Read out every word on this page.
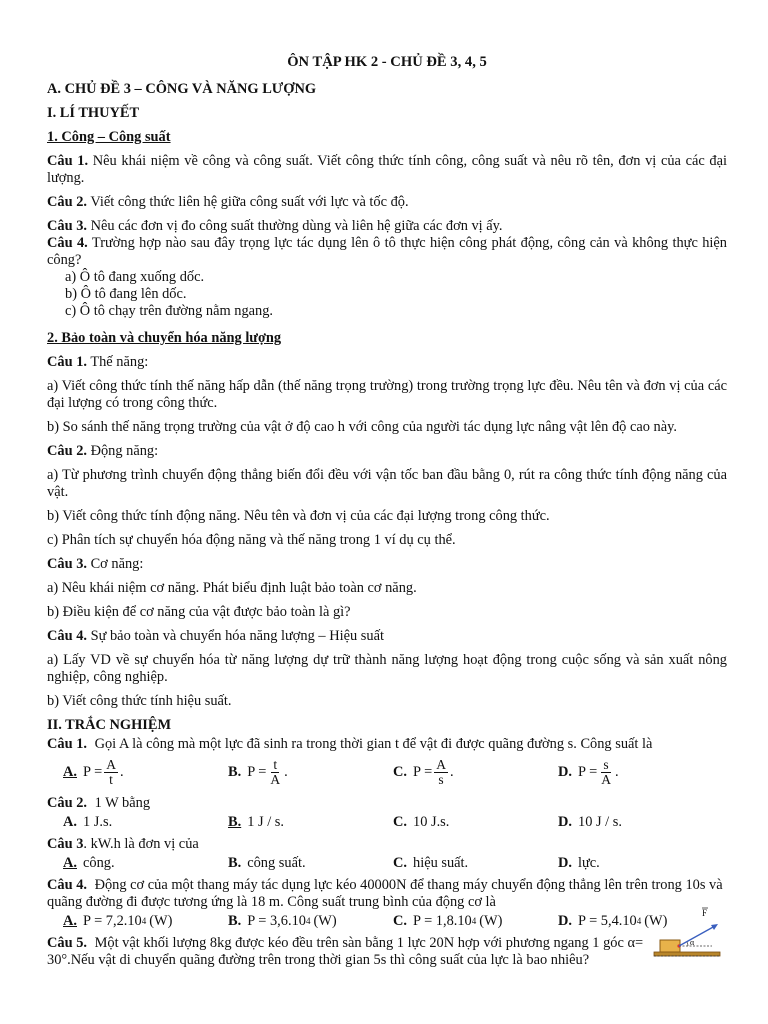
ÔN TẬP HK 2 - CHỦ ĐỀ 3, 4, 5
A. CHỦ ĐỀ 3 – CÔNG VÀ NĂNG LƯỢNG
I. LÍ THUYẾT
1. Công – Công suất
Câu 1. Nêu khái niệm về công và công suất. Viết công thức tính công, công suất và nêu rõ tên, đơn vị của các đại lượng.
Câu 2. Viết công thức liên hệ giữa công suất với lực và tốc độ.
Câu 3. Nêu các đơn vị đo công suất thường dùng và liên hệ giữa các đơn vị ấy.
Câu 4. Trường hợp nào sau đây trọng lực tác dụng lên ô tô thực hiện công phát động, công cản và không thực hiện công?
a) Ô tô đang xuống dốc.
b) Ô tô đang lên dốc.
c) Ô tô chạy trên đường nằm ngang.
2. Bảo toàn và chuyển hóa năng lượng
Câu 1. Thế năng:
a) Viết công thức tính thế năng hấp dẫn (thế năng trọng trường) trong trường trọng lực đều. Nêu tên và đơn vị của các đại lượng có trong công thức.
b) So sánh thế năng trọng trường của vật ở độ cao h với công của người tác dụng lực nâng vật lên độ cao này.
Câu 2. Động năng:
a) Từ phương trình chuyển động thẳng biến đổi đều với vận tốc ban đầu bằng 0, rút ra công thức tính động năng của vật.
b) Viết công thức tính động năng. Nêu tên và đơn vị của các đại lượng trong công thức.
c) Phân tích sự chuyển hóa động năng và thế năng trong 1 ví dụ cụ thể.
Câu 3. Cơ năng:
a) Nêu khái niệm cơ năng. Phát biểu định luật bảo toàn cơ năng.
b) Điều kiện để cơ năng của vật được bảo toàn là gì?
Câu 4. Sự bảo toàn và chuyển hóa năng lượng – Hiệu suất
a) Lấy VD về sự chuyển hóa từ năng lượng dự trữ thành năng lượng hoạt động trong cuộc sống và sản xuất nông nghiệp, công nghiệp.
b) Viết công thức tính hiệu suất.
II. TRẮC NGHIỆM
Câu 1. Gọi A là công mà một lực đã sinh ra trong thời gian t để vật đi được quãng đường s. Công suất là
A. $P = \frac{A}{t}$ .	B. $P = \frac{t}{A}$ .	C. $P = \frac{A}{s}$ .	D. $P = \frac{s}{A}$ .
Câu 2. 1 W bằng
A. 1 J.s.	B. 1 J / s.	C. 10 J.s.	D. 10 J / s.
Câu 3. kW.h là đơn vị của
A. công.	B. công suất.	C. hiệu suất.	D. lực.
Câu 4. Động cơ của một thang máy tác dụng lực kéo 40000N để thang máy chuyển động thẳng lên trên trong 10s và quãng đường đi được tương ứng là 18 m. Công suất trung bình của động cơ là
A. P = 7,2.10 4 (W)	B. P = 3,6.10 4 (W)	C. P = 1,8.10 4 (W)	D. P = 5,4.10 4 (W)
Câu 5. Một vật khối lượng 8kg được kéo đều trên sàn bằng 1 lực 20N hợp với phương ngang 1 góc α= 30°.Nếu vật di chuyển quãng đường trên trong thời gian 5s thì công suất của lực là bao nhiêu?
α
F
